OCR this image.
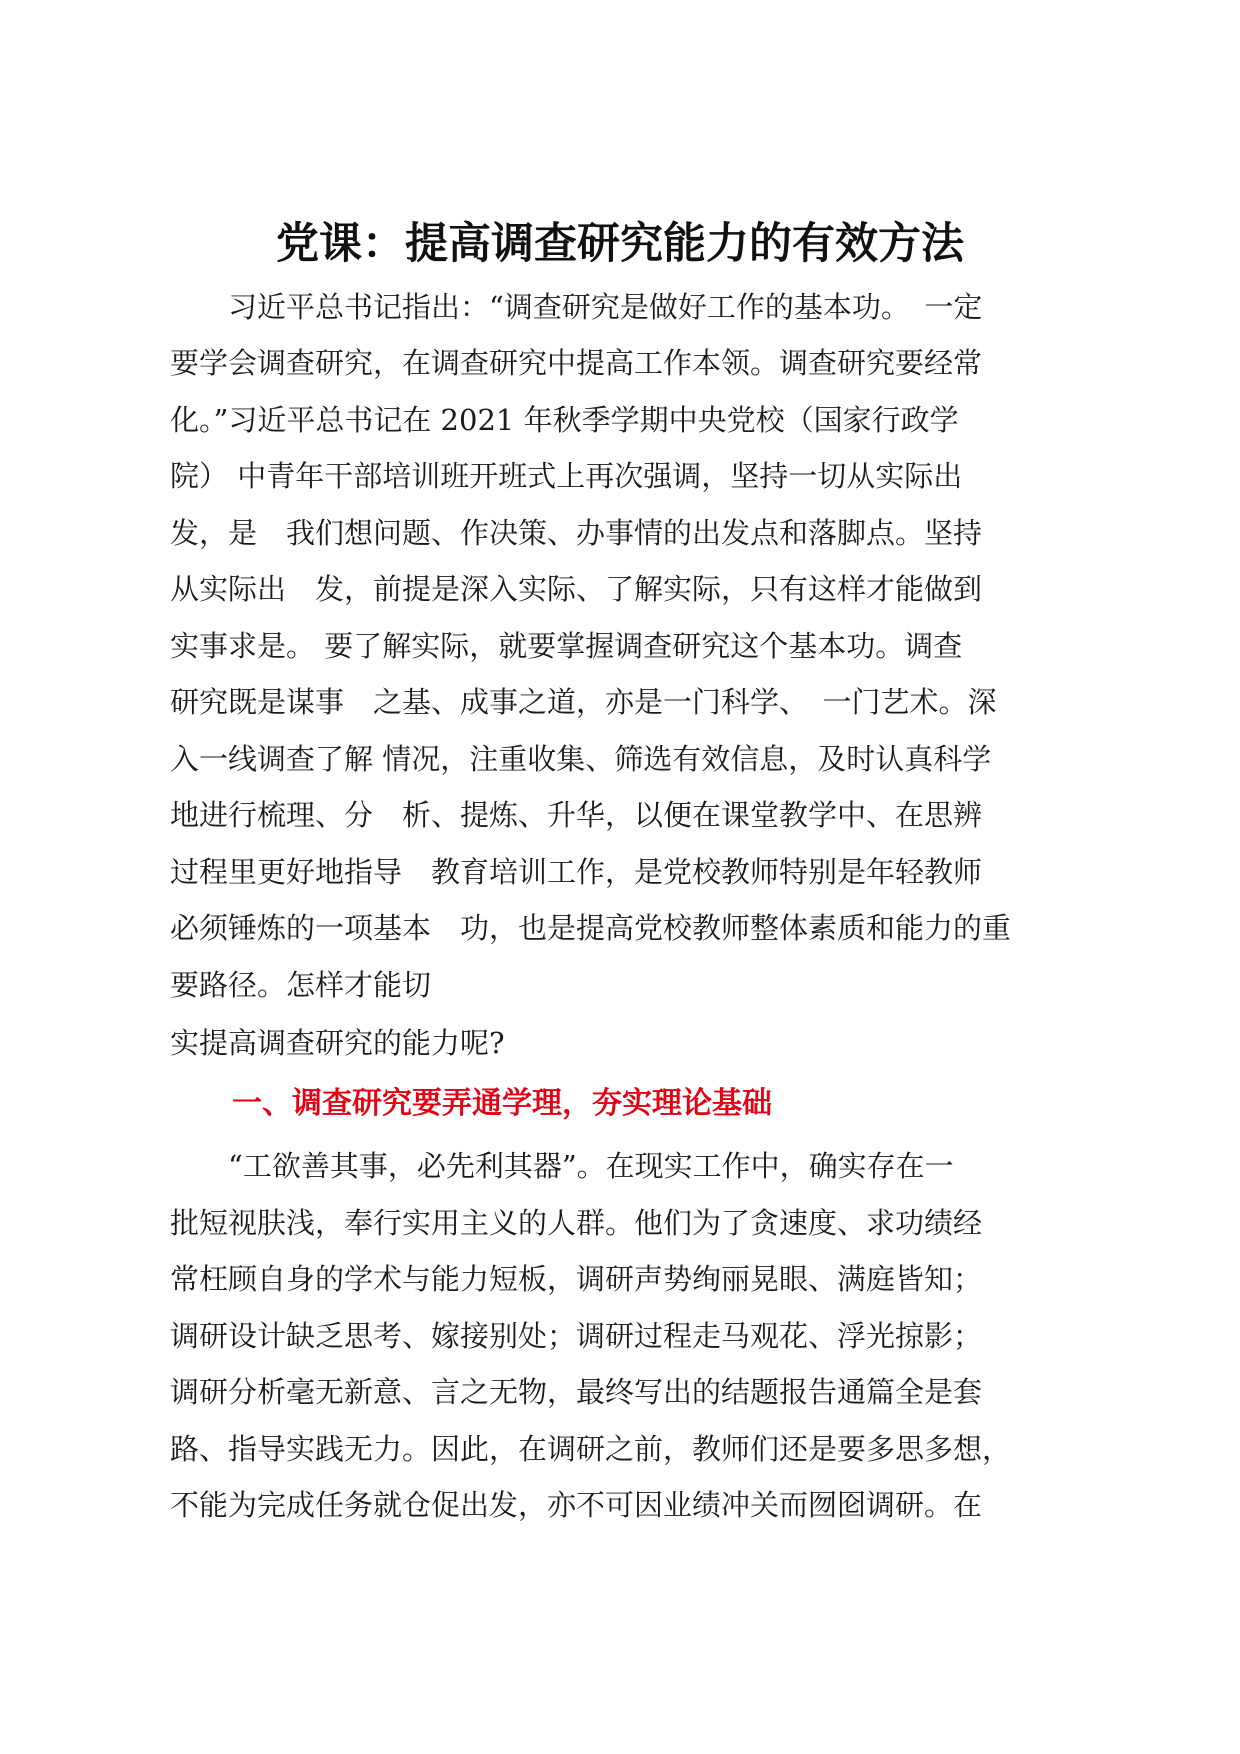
党课：提高调查研究能力的有效方法
　　习近平总书记指出：“调查研究是做好工作的基本功。　一定
要学会调查研究，在调查研究中提高工作本领。调查研究要经常
化。”习近平总书记在 2021 年秋季学期中央党校（国家行政学
院） 中青年干部培训班开班式上再次强调，坚持一切从实际出
发，是　我们想问题、作决策、办事情的出发点和落脚点。坚持
从实际出　发，前提是深入实际、了解实际，只有这样才能做到
实事求是。 要了解实际，就要掌握调查研究这个基本功。调查
研究既是谋事　之基、成事之道，亦是一门科学、　一门艺术。深
入一线调查了解 情况，注重收集、筛选有效信息，及时认真科学
地进行梳理、分　析、提炼、升华，以便在课堂教学中、在思辨
过程里更好地指导　教育培训工作，是党校教师特别是年轻教师
必须锤炼的一项基本　功，也是提高党校教师整体素质和能力的重
要路径。怎样才能切
实提高调查研究的能力呢?
一、调查研究要弄通学理，夯实理论基础
　　“工欲善其事，必先利其器”。在现实工作中，确实存在一
批短视肤浅，奉行实用主义的人群。他们为了贪速度、求功绩经
常枉顾自身的学术与能力短板，调研声势绚丽晃眼、满庭皆知；
调研设计缺乏思考、嫁接别处；调研过程走马观花、浮光掠影；
调研分析毫无新意、言之无物，最终写出的结题报告通篇全是套
路、指导实践无力。因此，在调研之前，教师们还是要多思多想，
不能为完成任务就仓促出发，亦不可因业绩冲关而囫囵调研。在
